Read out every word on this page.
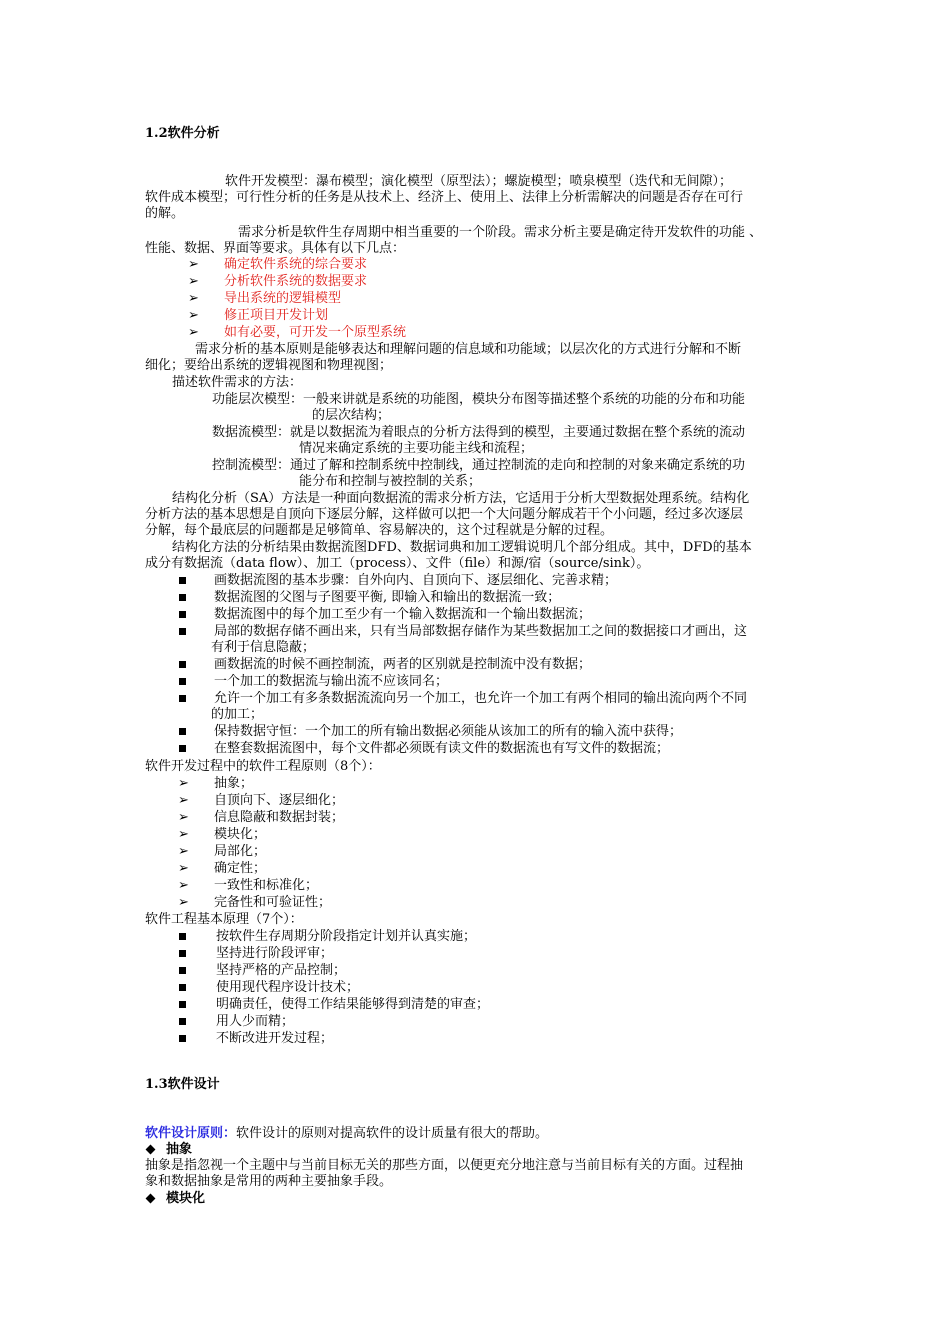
1.2软件分析
软件开发模型：瀑布模型；演化模型（原型法）；螺旋模型；喷泉模型（迭代和无间隙）；
软件成本模型；可行性分析的任务是从技术上、经济上、使用上、法律上分析需解决的问题是否存在可行
的解。
需求分析是软件生存周期中相当重要的一个阶段。需求分析主要是确定待开发软件的功能 、
性能、数据、界面等要求。具体有以下几点：
➢ 确定软件系统的综合要求
➢ 分析软件系统的数据要求
➢ 导出系统的逻辑模型
➢ 修正项目开发计划
➢ 如有必要，可开发一个原型系统
需求分析的基本原则是能够表达和理解问题的信息域和功能域；以层次化的方式进行分解和不断
细化；要给出系统的逻辑视图和物理视图；
描述软件需求的方法：
功能层次模型：一般来讲就是系统的功能图，模块分布图等描述整个系统的功能的分布和功能
的层次结构；
数据流模型：就是以数据流为着眼点的分析方法得到的模型，主要通过数据在整个系统的流动
情况来确定系统的主要功能主线和流程；
控制流模型：通过了解和控制系统中控制线，通过控制流的走向和控制的对象来确定系统的功
能分布和控制与被控制的关系；
结构化分析（SA）方法是一种面向数据流的需求分析方法，它适用于分析大型数据处理系统。结构化
分析方法的基本思想是自顶向下逐层分解，这样做可以把一个大问题分解成若干个小问题，经过多次逐层
分解，每个最底层的问题都是足够简单、容易解决的，这个过程就是分解的过程。
结构化方法的分析结果由数据流图DFD、数据词典和加工逻辑说明几个部分组成。其中，DFD的基本
成分有数据流（data flow）、加工（process）、文件（file）和源/宿（source/sink）。
画数据流图的基本步骤：自外向内、自顶向下、逐层细化、完善求精；
数据流图的父图与子图要平衡, 即输入和输出的数据流一致；
数据流图中的每个加工至少有一个输入数据流和一个输出数据流；
局部的数据存储不画出来，只有当局部数据存储作为某些数据加工之间的数据接口才画出，这
有利于信息隐蔽；
画数据流的时候不画控制流，两者的区别就是控制流中没有数据；
一个加工的数据流与输出流不应该同名；
允许一个加工有多条数据流流向另一个加工，也允许一个加工有两个相同的输出流向两个不同
的加工；
保持数据守恒：一个加工的所有输出数据必须能从该加工的所有的输入流中获得；
在整套数据流图中，每个文件都必须既有读文件的数据流也有写文件的数据流；
软件开发过程中的软件工程原则（8个）：
➢ 抽象；
➢ 自顶向下、逐层细化；
➢ 信息隐蔽和数据封装；
➢ 模块化；
➢ 局部化；
➢ 确定性；
➢ 一致性和标准化；
➢ 完备性和可验证性；
软件工程基本原理（7个）：
按软件生存周期分阶段指定计划并认真实施；
坚持进行阶段评审；
坚持严格的产品控制；
使用现代程序设计技术；
明确责任，使得工作结果能够得到清楚的审查；
用人少而精；
不断改进开发过程；
1.3软件设计
软件设计原则：软件设计的原则对提高软件的设计质量有很大的帮助。
抽象
抽象是指忽视一个主题中与当前目标无关的那些方面，以便更充分地注意与当前目标有关的方面。过程抽
象和数据抽象是常用的两种主要抽象手段。
模块化
